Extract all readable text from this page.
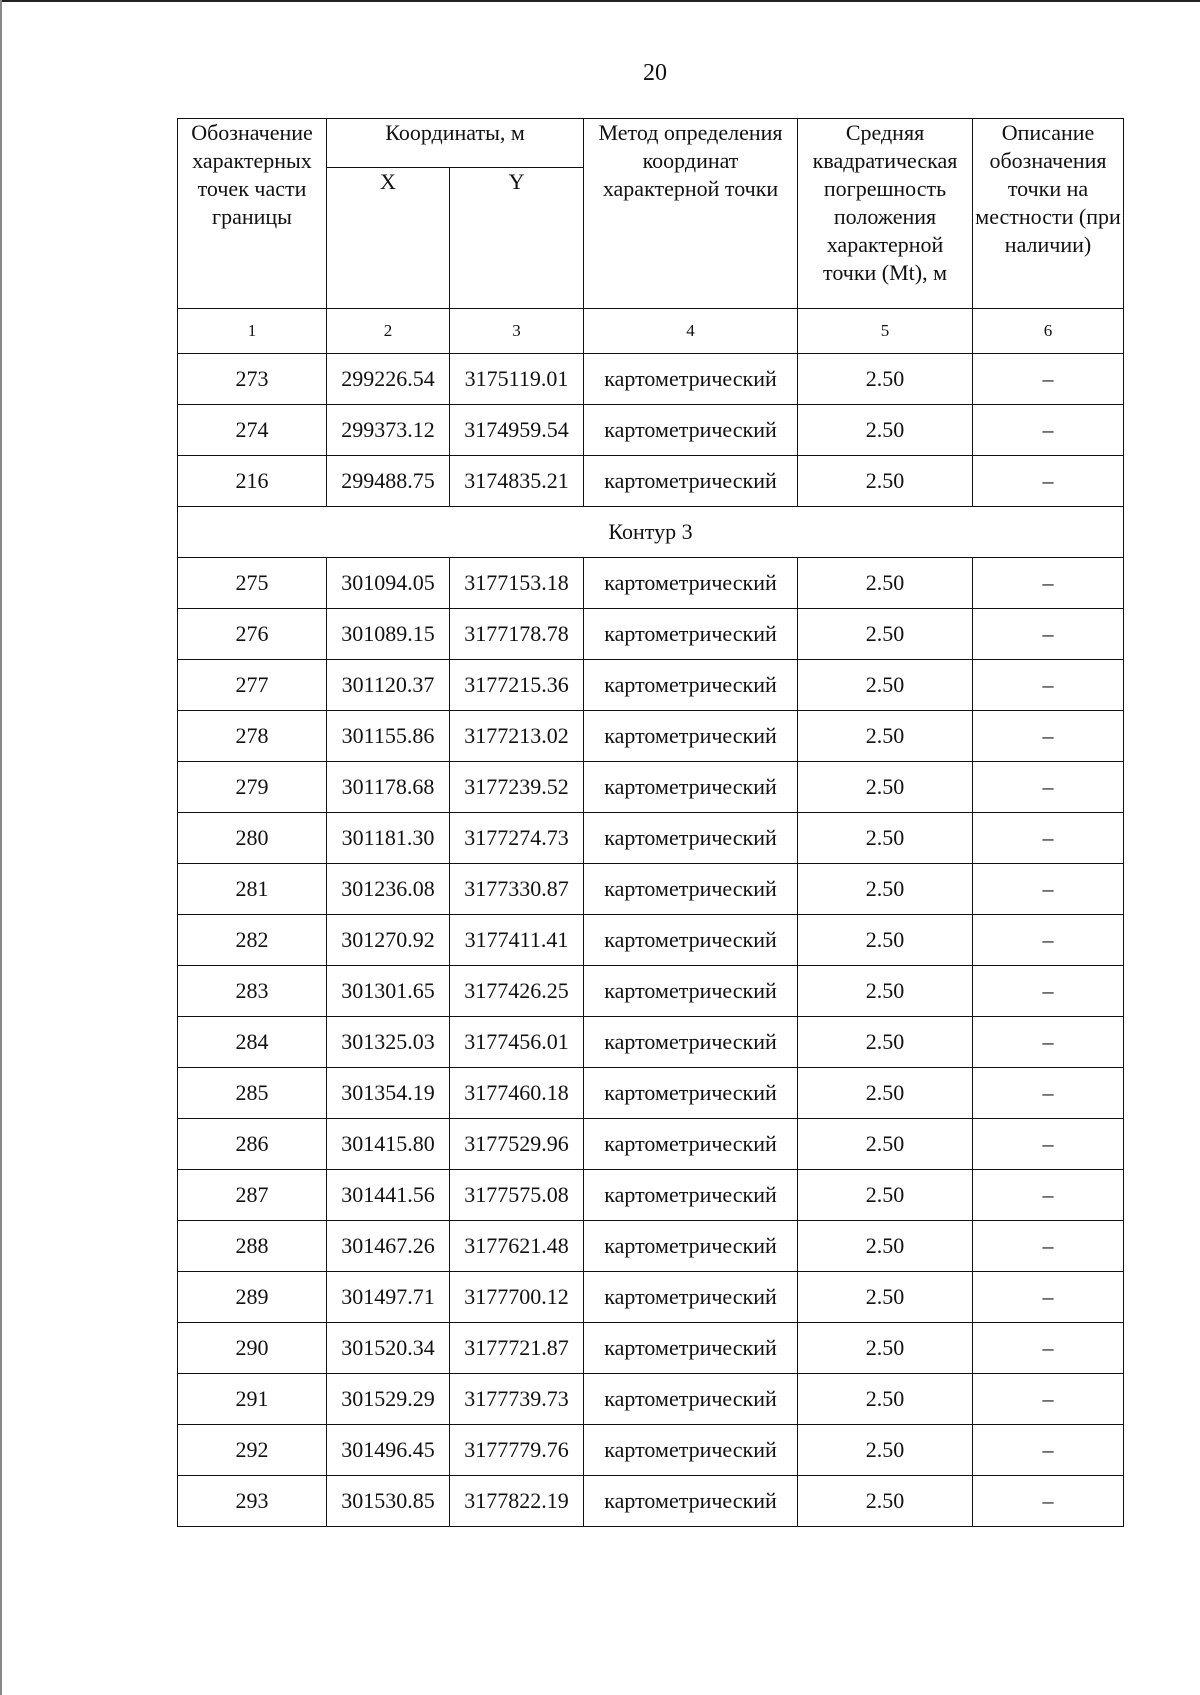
20
Обозначение характерных точек части границы	Координаты, м		Метод определения координат характерной точки	Средняя квадратическая погрешность положения характерной точки (Mt), м	Описание обозначения точки на местности (при наличии)
	X	Y			
1	2	3	4	5	6
273	299226.54	3175119.01	картометрический	2.50	–
274	299373.12	3174959.54	картометрический	2.50	–
216	299488.75	3174835.21	картометрический	2.50	–
Контур 3					
275	301094.05	3177153.18	картометрический	2.50	–
276	301089.15	3177178.78	картометрический	2.50	–
277	301120.37	3177215.36	картометрический	2.50	–
278	301155.86	3177213.02	картометрический	2.50	–
279	301178.68	3177239.52	картометрический	2.50	–
280	301181.30	3177274.73	картометрический	2.50	–
281	301236.08	3177330.87	картометрический	2.50	–
282	301270.92	3177411.41	картометрический	2.50	–
283	301301.65	3177426.25	картометрический	2.50	–
284	301325.03	3177456.01	картометрический	2.50	–
285	301354.19	3177460.18	картометрический	2.50	–
286	301415.80	3177529.96	картометрический	2.50	–
287	301441.56	3177575.08	картометрический	2.50	–
288	301467.26	3177621.48	картометрический	2.50	–
289	301497.71	3177700.12	картометрический	2.50	–
290	301520.34	3177721.87	картометрический	2.50	–
291	301529.29	3177739.73	картометрический	2.50	–
292	301496.45	3177779.76	картометрический	2.50	–
293	301530.85	3177822.19	картометрический	2.50	–
